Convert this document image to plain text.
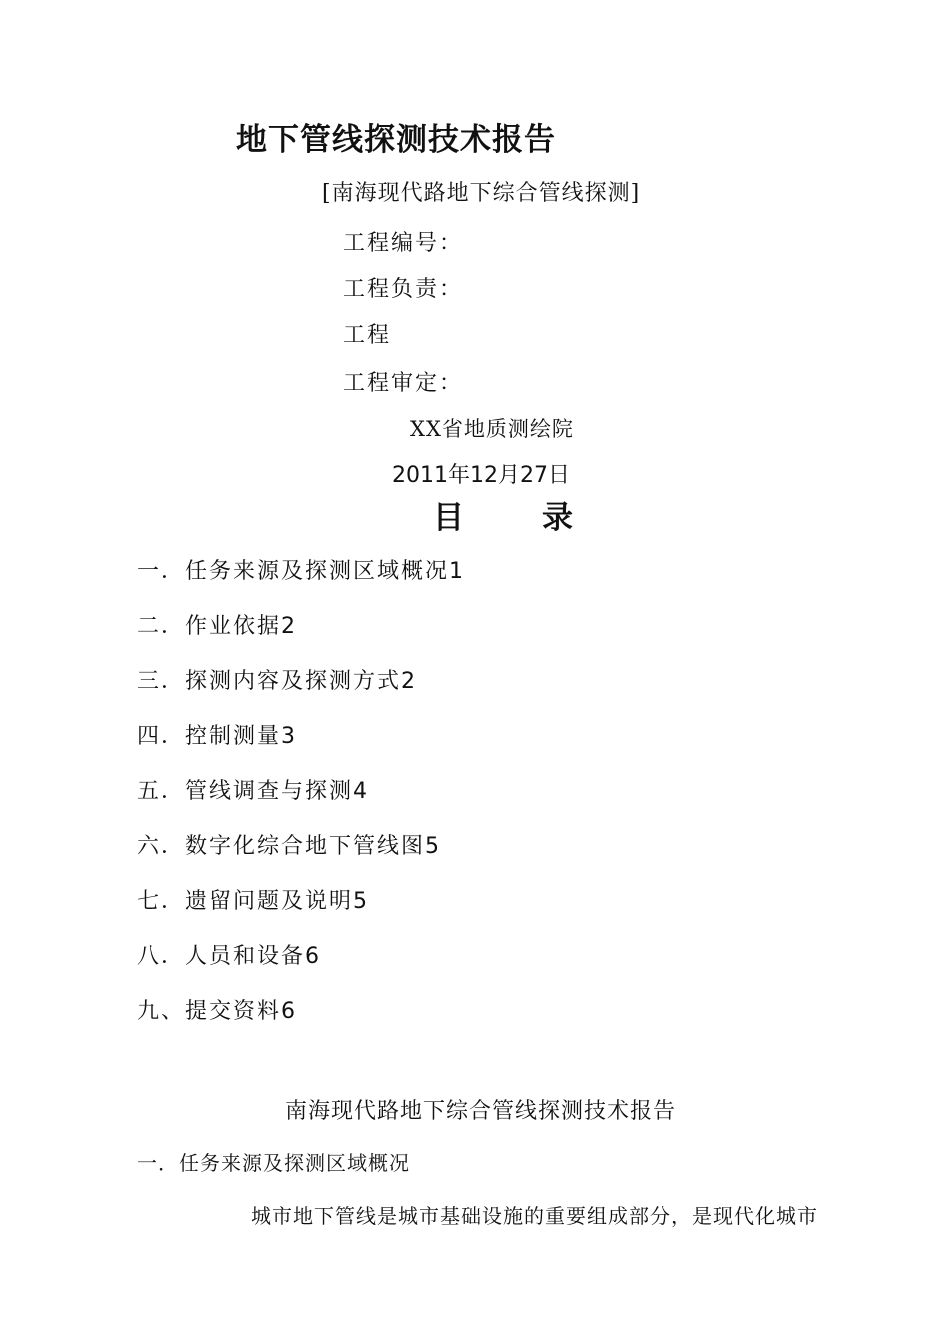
地下管线探测技术报告
[南海现代路地下综合管线探测]
工程编号：
工程负责：
工程
工程审定：
XX省地质测绘院
2011年12月27日
目	录
一．任务来源及探测区域概况1
二．作业依据2
三．探测内容及探测方式2
四．控制测量3
五．管线调查与探测4
六．数字化综合地下管线图5
七．遗留问题及说明5
八．人员和设备6
九、提交资料6
南海现代路地下综合管线探测技术报告
一．任务来源及探测区域概况
城市地下管线是城市基础设施的重要组成部分，是现代化城市
